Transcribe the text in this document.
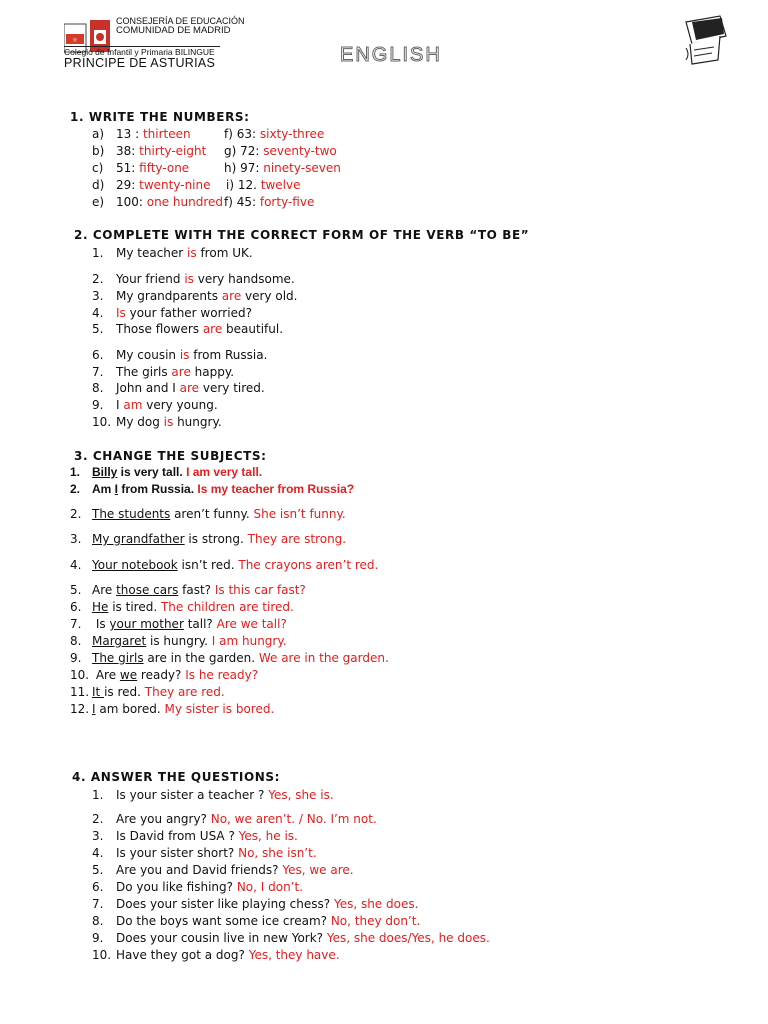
☼
CONSEJERÍA DE EDUCACIÓN
COMUNIDAD DE MADRID
Colegio de Infantil y Primaria BILINGUE
PRINCIPE DE ASTURIAS	ENGLISH
1. WRITE THE NUMBERS:
a) 13 : thirteen	f) 63: sixty-three
b) 38: thirty-eight g) 72: seventy-two
c) 51: fifty-one	h) 97: ninety-seven
d) 29: twenty-nine i) 12. twelve
e) 100: one hundred f) 45: forty-five
2. COMPLETE WITH THE CORRECT FORM OF THE VERB “TO BE”
1. My teacher is from UK.
2. Your friend is very handsome.
3. My grandparents are very old.
4. Is your father worried?
5. Those flowers are beautiful.
6. My cousin is from Russia.
7. The girls are happy.
8. John and I are very tired.
9. I am very young.
10. My dog is hungry.
3. CHANGE THE SUBJECTS:
1. Billy is very tall. I am very tall.
2. Am I from Russia. Is my teacher from Russia?
2. The students aren’t funny. She isn’t funny.
3. My grandfather is strong. They are strong.
4. Your notebook isn’t red. The crayons aren’t red.
5. Are those cars fast? Is this car fast?
6. He is tired. The children are tired.
7. Is your mother tall? Are we tall?
8. Margaret is hungry. I am hungry.
9. The girls are in the garden. We are in the garden.
10. Are we ready? Is he ready?
11. It is red. They are red.
12. I am bored. My sister is bored.
4. ANSWER THE QUESTIONS:
1. Is your sister a teacher ? Yes, she is.
2. Are you angry? No, we aren’t. / No. I’m not.
3. Is David from USA ? Yes, he is.
4. Is your sister short? No, she isn’t.
5. Are you and David friends? Yes, we are.
6. Do you like fishing? No, I don’t.
7. Does your sister like playing chess? Yes, she does.
8. Do the boys want some ice cream? No, they don’t.
9. Does your cousin live in new York? Yes, she does/Yes, he does.
10. Have they got a dog? Yes, they have.
